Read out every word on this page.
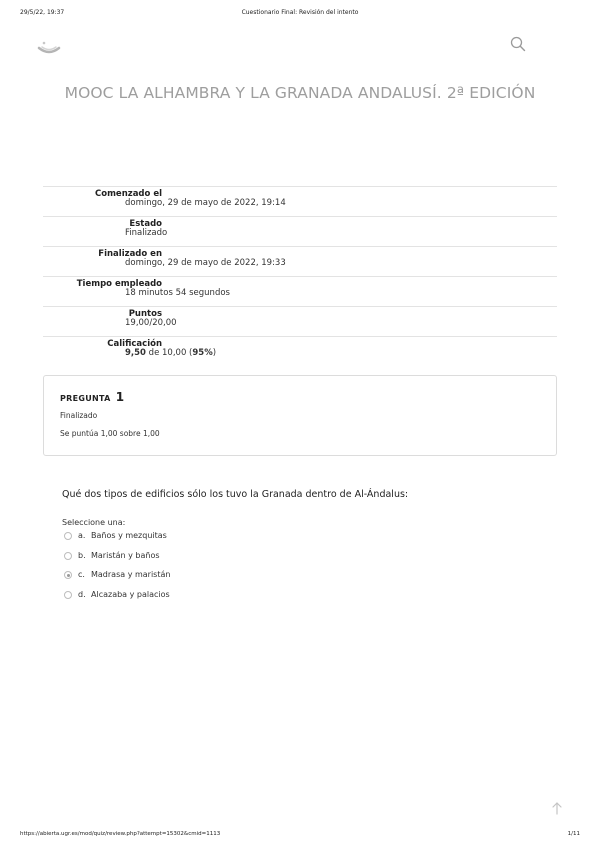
29/5/22, 19:37	Cuestionario Final: Revisión del intento
MOOC LA ALHAMBRA Y LA GRANADA ANDALUSÍ. 2ª EDICIÓN
Comenzado el
domingo, 29 de mayo de 2022, 19:14
Estado
Finalizado
Finalizado en
domingo, 29 de mayo de 2022, 19:33
Tiempo empleado
18 minutos 54 segundos
Puntos
19,00/20,00
Calificación
9,50 de 10,00 (95%)
PREGUNTA 1
Finalizado
Se puntúa 1,00 sobre 1,00
Qué dos tipos de edificios sólo los tuvo la Granada dentro de Al-Ándalus:
Seleccione una:
a. Baños y mezquitas
b. Maristán y baños
c. Madrasa y maristán
d. Alcazaba y palacios
https://abierta.ugr.es/mod/quiz/review.php?attempt=15302&cmid=1113	1/11
